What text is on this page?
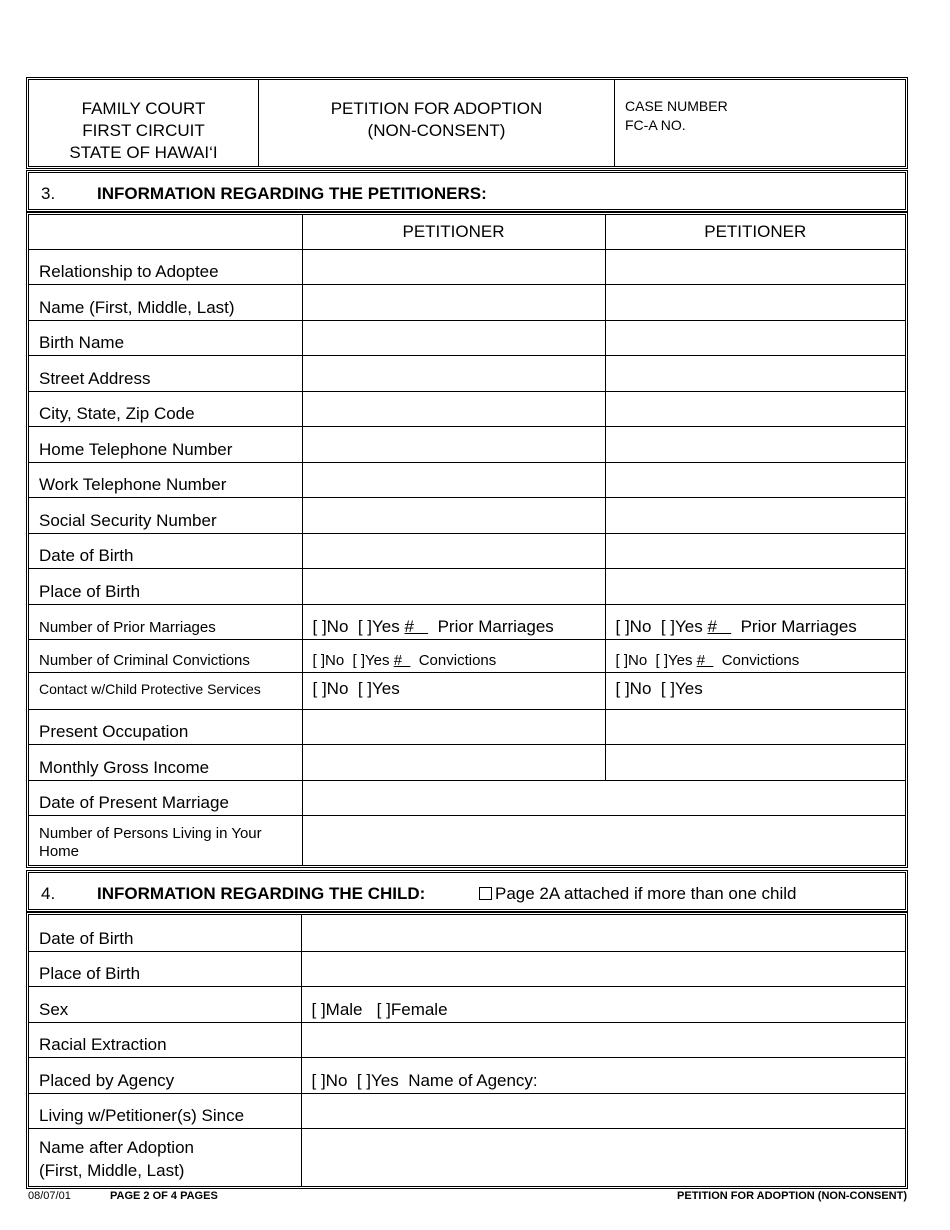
FAMILY COURT
FIRST CIRCUIT
STATE OF HAWAI‘I
PETITION FOR ADOPTION
(NON-CONSENT)
CASE NUMBER
FC-A NO.
3. INFORMATION REGARDING THE PETITIONERS:
	PETITIONER	PETITIONER
Relationship to Adoptee		
Name (First, Middle, Last)		
Birth Name		
Street Address		
City, State, Zip Code		
Home Telephone Number		
Work Telephone Number		
Social Security Number		
Date of Birth		
Place of Birth		
Number of Prior Marriages	[ ]No [ ]Yes # Prior Marriages	[ ]No [ ]Yes # Prior Marriages
Number of Criminal Convictions	[ ]No [ ]Yes # Convictions	[ ]No [ ]Yes # Convictions
Contact w/Child Protective Services	[ ]No [ ]Yes	[ ]No [ ]Yes
Present Occupation		
Monthly Gross Income		
Date of Present Marriage		
Number of Persons Living in Your Home		
4. INFORMATION REGARDING THE CHILD:	Page 2A attached if more than one child
Date of Birth	
Place of Birth	
Sex	[ ]Male   [ ]Female
Racial Extraction	
Placed by Agency	[ ]No  [ ]Yes  Name of Agency:
Living w/Petitioner(s) Since	
Name after Adoption
(First, Middle, Last)	
08/07/01	PAGE 2 OF 4 PAGES	PETITION FOR ADOPTION (NON-CONSENT)
